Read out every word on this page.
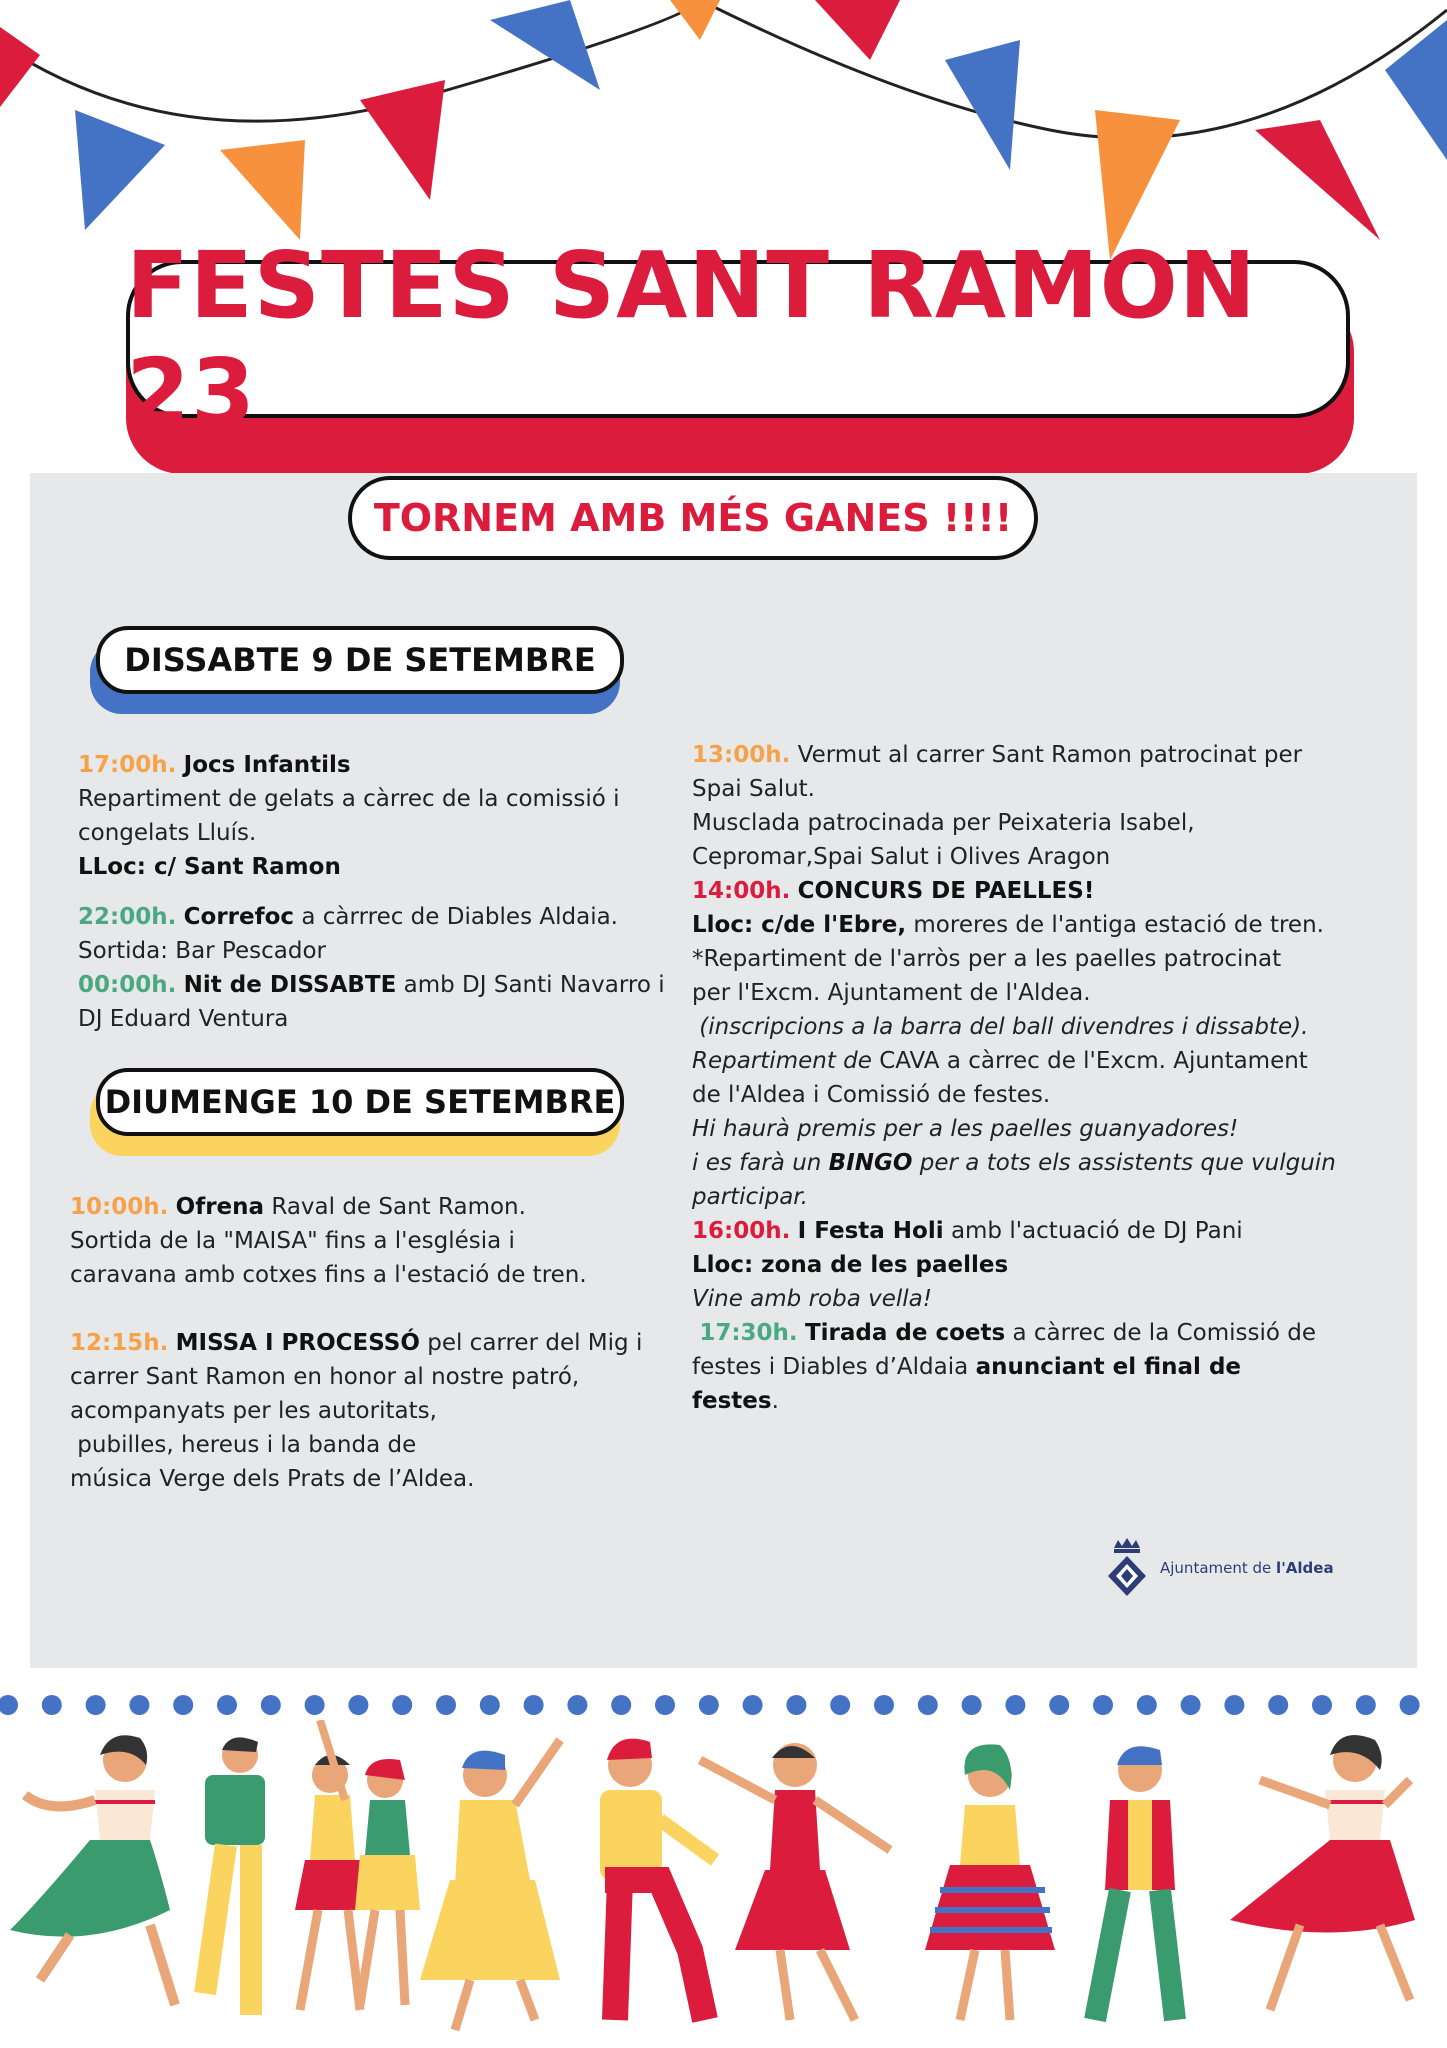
FESTES SANT RAMON 23
TORNEM AMB MÉS GANES !!!!
DISSABTE 9 DE SETEMBRE

17:00h. Jocs Infantils

Repartiment de gelats a càrrec de la comissió i

congelats Lluís.

LLoc: c/ Sant Ramon

22:00h. Correfoc a càrrrec de Diables Aldaia.

Sortida: Bar Pescador

00:00h. Nit de DISSABTE amb DJ Santi Navarro i

DJ Eduard Ventura

DIUMENGE 10 DE SETEMBRE

10:00h. Ofrena Raval de Sant Ramon.

Sortida de la "MAISA" fins a l'església i

caravana amb cotxes fins a l'estació de tren.

12:15h. MISSA I PROCESSÓ pel carrer del Mig i

carrer Sant Ramon en honor al nostre patró,

acompanyats per les autoritats,

pubilles, hereus i la banda de

música Verge dels Prats de l’Aldea.

13:00h. Vermut al carrer Sant Ramon patrocinat per

Spai Salut.

Musclada patrocinada per Peixateria Isabel,

Cepromar,Spai Salut i Olives Aragon

14:00h. CONCURS DE PAELLES!

Lloc: c/de l'Ebre, moreres de l'antiga estació de tren.

*Repartiment de l'arròs per a les paelles patrocinat

per l'Excm. Ajuntament de l'Aldea.

(inscripcions a la barra del ball divendres i dissabte).

Repartiment de CAVA a càrrec de l'Excm. Ajuntament

de l'Aldea i Comissió de festes.

Hi haurà premis per a les paelles guanyadores!

i es farà un BINGO per a tots els assistents que vulguin

participar.

16:00h. I Festa Holi amb l'actuació de DJ Pani

Lloc: zona de les paelles

Vine amb roba vella!

17:30h. Tirada de coets a càrrec de la Comissió de

festes i Diables d’Aldaia anunciant el final de

festes.

Ajuntament de l'Aldea
